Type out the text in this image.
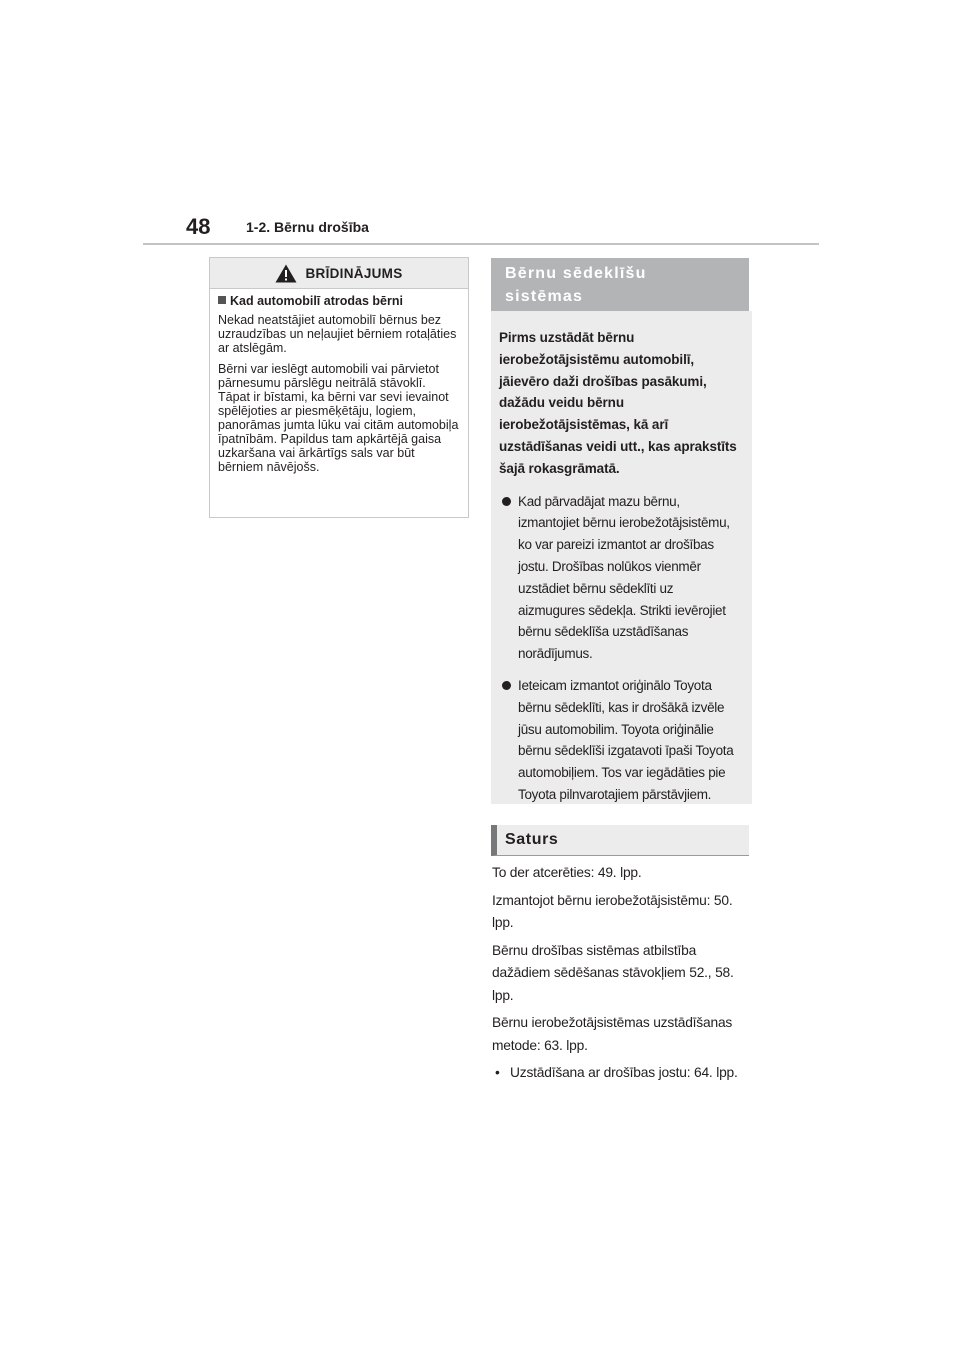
48	1-2. Bērnu drošība
BRĪDINĀJUMS
Kad automobilī atrodas bērni

Nekad neatstājiet automobilī bērnus bez uzraudzības un neļaujiet bērniem rotaļāties ar atslēgām.

Bērni var ieslēgt automobili vai pārvietot pārnesumu pārslēgu neitrālā stāvoklī. Tāpat ir bīstami, ka bērni var sevi ievainot spēlējoties ar piesmēķētāju, logiem, panorāmas jumta lūku vai citām automobiļa īpatnībām. Papildus tam apkārtējā gaisa uzkaršana vai ārkārtīgs sals var būt bērniem nāvējošs.

Bērnu sēdeklīšu
sistēmas

Pirms uzstādāt bērnu ierobežotājsistēmu automobilī, jāievēro daži drošības pasākumi, dažādu veidu bērnu ierobežotājsistēmas, kā arī uzstādīšanas veidi utt., kas aprakstīts šajā rokasgrāmatā.

Kad pārvadājat mazu bērnu, izmantojiet bērnu ierobežotājsistēmu, ko var pareizi izmantot ar drošības jostu. Drošības nolūkos vienmēr uzstādiet bērnu sēdeklīti uz aizmugures sēdekļa. Strikti ievērojiet bērnu sēdeklīša uzstādīšanas norādījumus.
Ieteicam izmantot oriģinālo Toyota bērnu sēdeklīti, kas ir drošākā izvēle jūsu automobilim. Toyota oriģinālie bērnu sēdeklīši izgatavoti īpaši Toyota automobiļiem. Tos var iegādāties pie Toyota pilnvarotajiem pārstāvjiem.
Saturs

To der atcerēties: 49. lpp.

Izmantojot bērnu ierobežotājsistēmu: 50. lpp.

Bērnu drošības sistēmas atbilstība dažādiem sēdēšanas stāvokļiem 52., 58. lpp.

Bērnu ierobežotājsistēmas uzstādīšanas metode: 63. lpp.

• Uzstādīšana ar drošības jostu: 64. lpp.
